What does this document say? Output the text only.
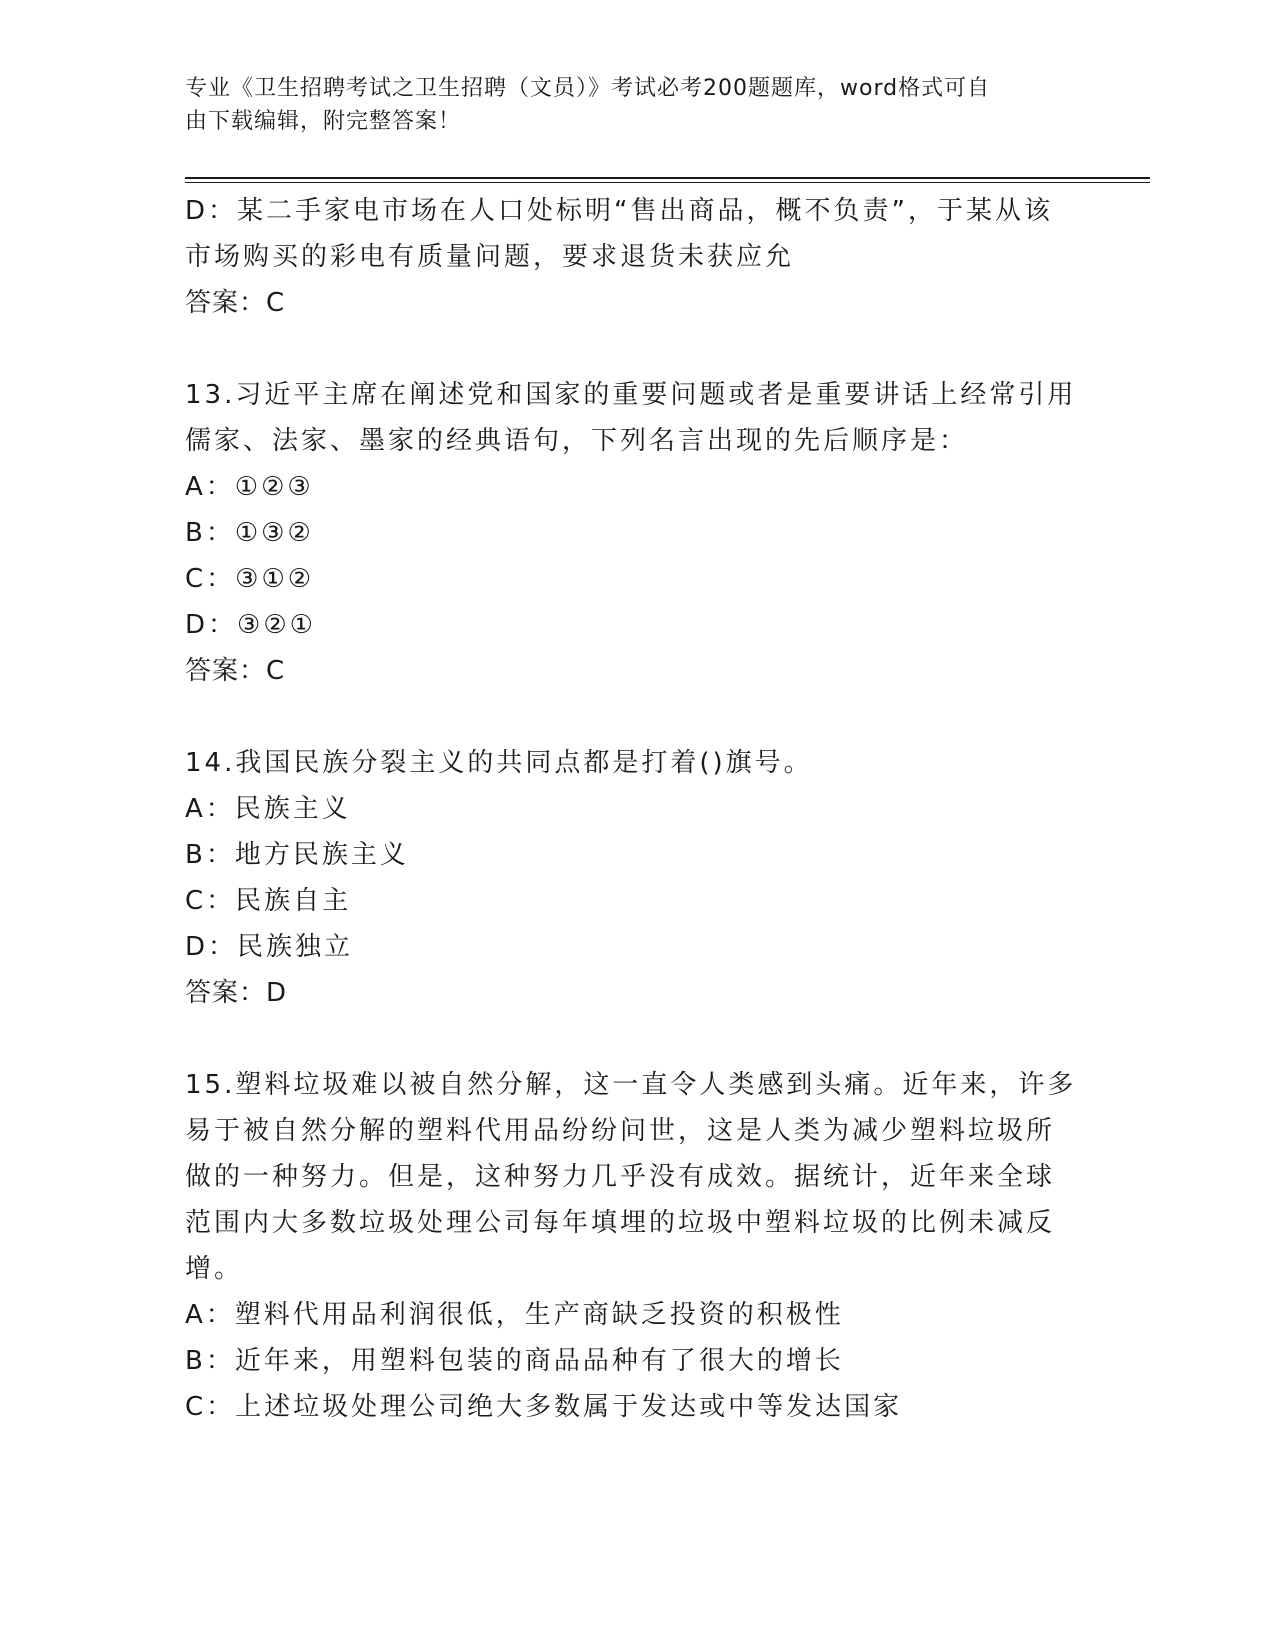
专业《卫生招聘考试之卫生招聘（文员）》考试必考200题题库，word格式可自
由下载编辑，附完整答案！
D：某二手家电市场在人口处标明“售出商品，概不负责”，于某从该
市场购买的彩电有质量问题，要求退货未获应允
答案：C
13.习近平主席在阐述党和国家的重要问题或者是重要讲话上经常引用
儒家、法家、墨家的经典语句，下列名言出现的先后顺序是：
A：①②③
B：①③②
C：③①②
D：③②①
答案：C
14.我国民族分裂主义的共同点都是打着()旗号。
A：民族主义
B：地方民族主义
C：民族自主
D：民族独立
答案：D
15.塑料垃圾难以被自然分解，这一直令人类感到头痛。近年来，许多
易于被自然分解的塑料代用品纷纷问世，这是人类为减少塑料垃圾所
做的一种努力。但是，这种努力几乎没有成效。据统计，近年来全球
范围内大多数垃圾处理公司每年填埋的垃圾中塑料垃圾的比例未减反
增。
A：塑料代用品利润很低，生产商缺乏投资的积极性
B：近年来，用塑料包装的商品品种有了很大的增长
C：上述垃圾处理公司绝大多数属于发达或中等发达国家
